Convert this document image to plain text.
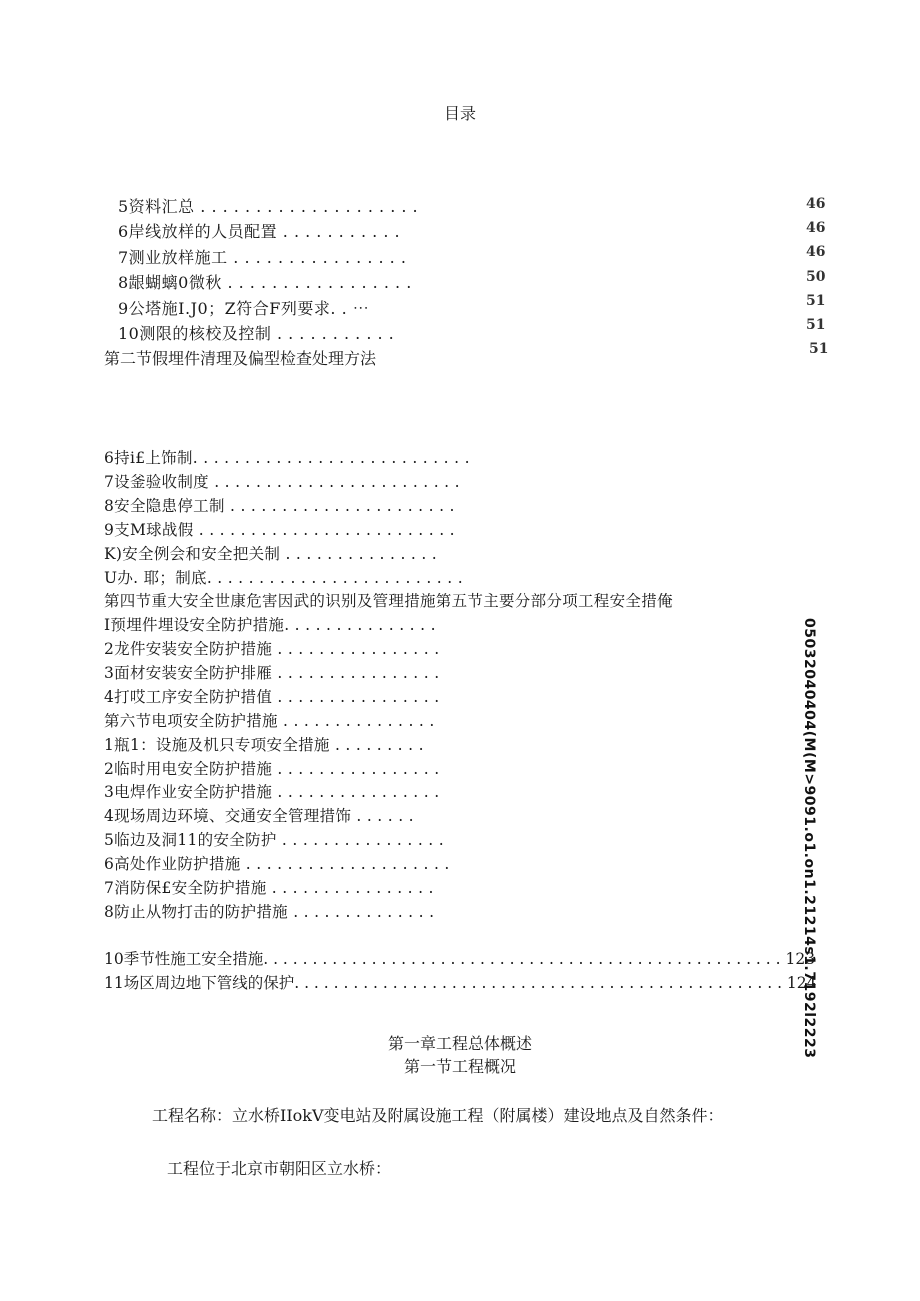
目录
5资料汇总 . . . . . . . . . . . . . . . . . . . .
6岸线放样的人员配置 . . . . . . . . . . .
7测业放样施工 . . . . . . . . . . . . . . . .
8龈蝴螭0微秋 . . . . . . . . . . . . . . . . .
9公塔施I.J0；Z符合F列要求. . ⋯
10测限的核校及控制 . . . . . . . . . . .
46
46
46
50
51
51
51
第二节假埋件清理及偏型检查处理方法
6持i£上饰制. . . . . . . . . . . . . . . . . . . . . . . . . . .
7设釜验收制度 . . . . . . . . . . . . . . . . . . . . . . . .
8安全隐患停工制 . . . . . . . . . . . . . . . . . . . . . .
9支M球战假 . . . . . . . . . . . . . . . . . . . . . . . . .
K)安全例会和安全把关制 . . . . . . . . . . . . . . .
U办. 耶；制底. . . . . . . . . . . . . . . . . . . . . . . . .
第四节重大安全世康危害因武的识别及管理措施第五节主要分部分项工程安全措俺
I预埋件埋设安全防护措施. . . . . . . . . . . . . . .
2龙件安装安全防护措施 . . . . . . . . . . . . . . . .
3面材安装安全防护排雁 . . . . . . . . . . . . . . . .
4打哎工序安全防护措值 . . . . . . . . . . . . . . . .
第六节电项安全防护措施 . . . . . . . . . . . . . . .
1瓶1：设施及机只专项安全措施 . . . . . . . . .
2临时用电安全防护措施 . . . . . . . . . . . . . . . .
3电焊作业安全防护措施 . . . . . . . . . . . . . . . .
4现场周边环境、交通安全管理措饰 . . . . . .
5临边及洞11的安全防护 . . . . . . . . . . . . . . . .
6高处作业防护措施 . . . . . . . . . . . . . . . . . . . .
7消防保£安全防护措施 . . . . . . . . . . . . . . . .
8防止从物打击的防护措施 . . . . . . . . . . . . . .	05032040404(M(M>9091.o1.on1.21214s1.7192l2223
10季节性施工安全措施. . . . . . . . . . . . . . . . . . . . . . . . . . . . . . . . . . . . . . . . . . . . . . . . . . . . . 123
11场区周边地下管线的保护. . . . . . . . . . . . . . . . . . . . . . . . . . . . . . . . . . . . . . . . . . . . . . . . . . 124
第一章工程总体概述
第一节工程概况
工程名称：立水桥IIokV变电站及附属设施工程（附属楼）建设地点及自然条件：
工程位于北京市朝阳区立水桥：
